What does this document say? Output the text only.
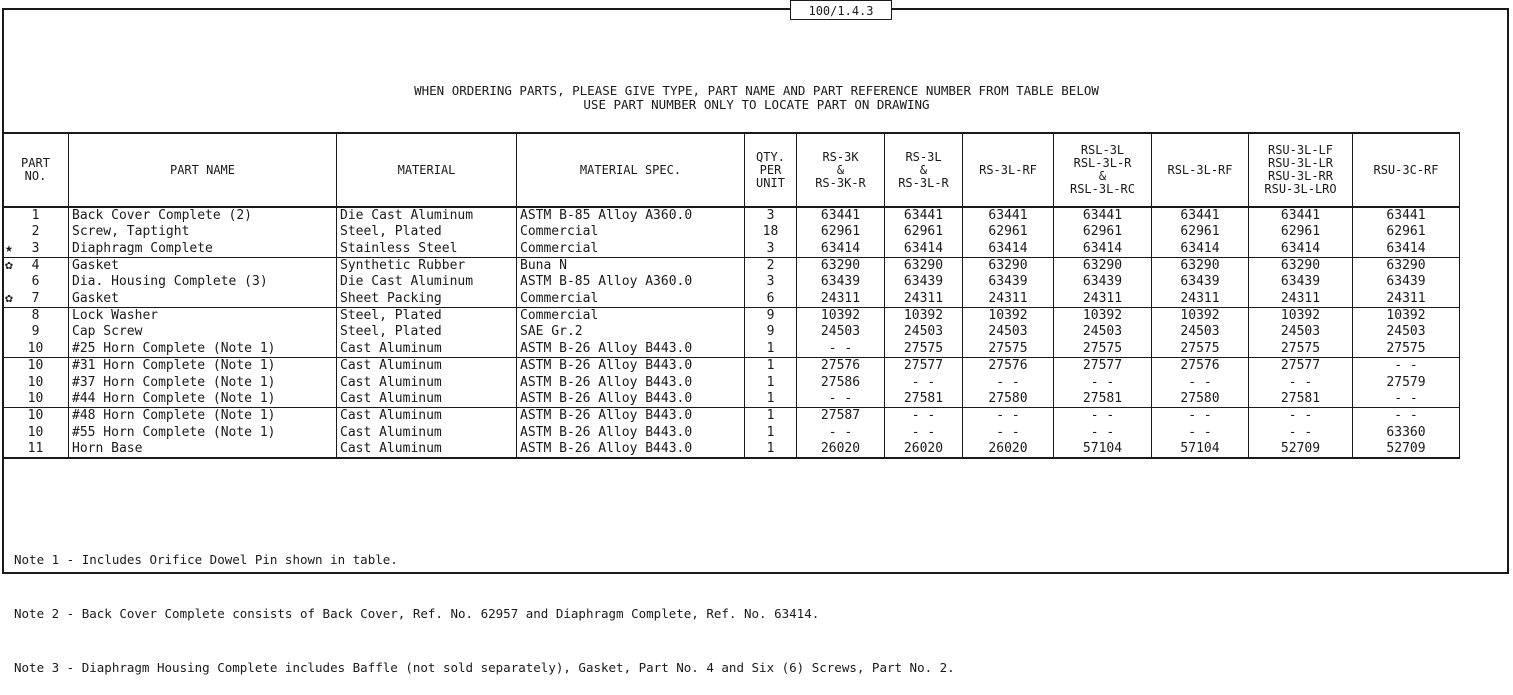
100/1.4.3
WHEN ORDERING PARTS, PLEASE GIVE TYPE, PART NAME AND PART REFERENCE NUMBER FROM TABLE BELOW
USE PART NUMBER ONLY TO LOCATE PART ON DRAWING
PART
NO.	PART NAME	MATERIAL	MATERIAL SPEC.	QTY.
PER
UNIT	RS-3K
&
RS-3K-R	RS-3L
&
RS-3L-R	RS-3L-RF	RSL-3L
RSL-3L-R
&
RSL-3L-RC	RSL-3L-RF	RSU-3L-LF
RSU-3L-LR
RSU-3L-RR
RSU-3L-LRO	RSU-3C-RF

1	Back Cover Complete (2)	Die Cast Aluminum	ASTM B-85 Alloy A360.0	3	63441	63441	63441	63441	63441	63441	63441

2	Screw, Taptight	Steel, Plated	Commercial	18	62961	62961	62961	62961	62961	62961	62961

★ 3	Diaphragm Complete	Stainless Steel	Commercial	3	63414	63414	63414	63414	63414	63414	63414

✿ 4	Gasket	Synthetic Rubber	Buna N	2	63290	63290	63290	63290	63290	63290	63290

6	Dia. Housing Complete (3)	Die Cast Aluminum	ASTM B-85 Alloy A360.0	3	63439	63439	63439	63439	63439	63439	63439

✿ 7	Gasket	Sheet Packing	Commercial	6	24311	24311	24311	24311	24311	24311	24311

8	Lock Washer	Steel, Plated	Commercial	9	10392	10392	10392	10392	10392	10392	10392

9	Cap Screw	Steel, Plated	SAE Gr.2	9	24503	24503	24503	24503	24503	24503	24503

10	#25 Horn Complete (Note 1)	Cast Aluminum	ASTM B-26 Alloy B443.0	1	- -	27575	27575	27575	27575	27575	27575

10	#31 Horn Complete (Note 1)	Cast Aluminum	ASTM B-26 Alloy B443.0	1	27576	27577	27576	27577	27576	27577	- -

10	#37 Horn Complete (Note 1)	Cast Aluminum	ASTM B-26 Alloy B443.0	1	27586	- -	- -	- -	- -	- -	27579

10	#44 Horn Complete (Note 1)	Cast Aluminum	ASTM B-26 Alloy B443.0	1	- -	27581	27580	27581	27580	27581	- -

10	#48 Horn Complete (Note 1)	Cast Aluminum	ASTM B-26 Alloy B443.0	1	27587	- -	- -	- -	- -	- -	- -

10	#55 Horn Complete (Note 1)	Cast Aluminum	ASTM B-26 Alloy B443.0	1	- -	- -	- -	- -	- -	- -	63360

11	Horn Base	Cast Aluminum	ASTM B-26 Alloy B443.0	1	26020	26020	26020	57104	57104	52709	52709

Note 1 - Includes Orifice Dowel Pin shown in table.

Note 2 - Back Cover Complete consists of Back Cover, Ref. No. 62957 and Diaphragm Complete, Ref. No. 63414.

Note 3 - Diaphragm Housing Complete includes Baffle (not sold separately), Gasket, Part No. 4 and Six (6) Screws, Part No. 2.
